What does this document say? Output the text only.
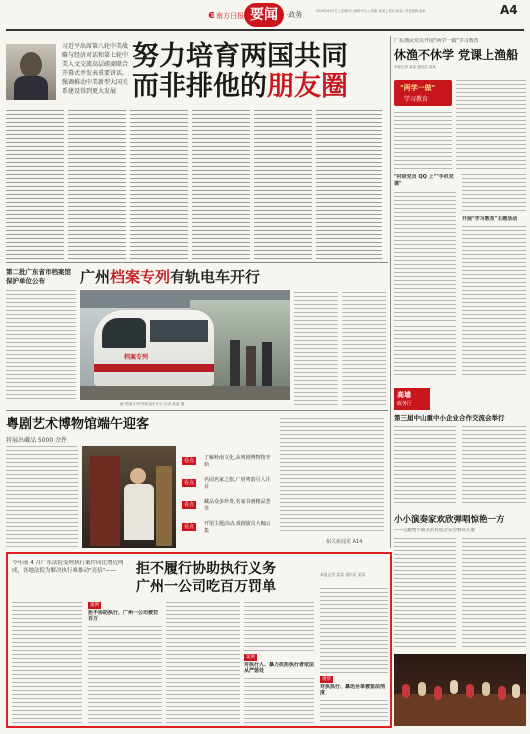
ϵ 南方日报 要闻 ·政务	2018年6月7日 | 星期四 | 编辑:中心 | 美编: 某某 | 校对:某某 | 责任编辑:某某	A4
习近平出席第八轮中美战略与经济对话和第七轮中美人文交流高层磋商联合开幕式并发表重要讲话，强调推动中美新型大国关系建设得到更大发展
努力培育两国共同
而非排他的朋友圈
广东渔民党员开展"两学一做"学习教育
休渔不休学 党课上渔船
本报记者 某某 通讯员 某某
"两学一做"
学习教育
"村级党员 QQ 上""手机党课"
开展"学习教育"主题活动
第二批广东省市档案馆保护单位公布	广州档案专列有轨电车开行
档案专列
新"档案专列"有轨电车开行 记者 某某 摄
粤剧艺术博物馆端午迎客
将展出藏品 5000 余件
看点	了解岭南文化,从粤剧博物馆开始
看点	名园名家之旅,广府粤韵引人注目
看点	藏品众多珍贵,名家书画精品荟萃
看点	开馆主题活动,戏剧演员大咖云集
相关新闻见 A14
高墙
政务厅
第三届中山重中小企业合作交流会举行
小小演奏家欢欣弹唱惊艳一方
——记献给小朋友的民族音乐会暨赏儿童
今年前 4 月广东法院受理执行案件同比增近两成，各地法院为解决执行难推动"亮招"——	拒不履行协助执行义务
广州一公司吃百万罚单
本报记者 某某 通讯员 某某
案例
拒不协助执行，广州一公司被罚百万
案例
对执行人、暴力抗拒执行者依法从严惩处
观察
对执执行、暴迅另单被惩法刑度
